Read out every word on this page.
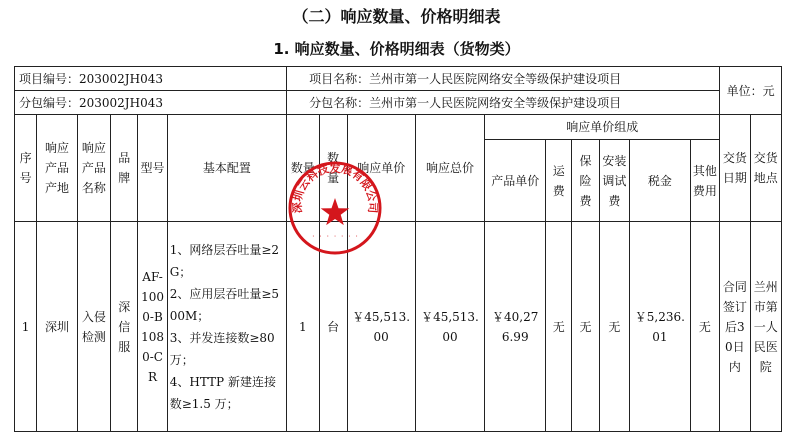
（二）响应数量、价格明细表
1. 响应数量、价格明细表（货物类）
项目编号：203002JH043						项目名称：兰州市第一人民医院网络安全等级保护建设项目										单位：元	
分包编号：203002JH043						分包名称：兰州市第一人民医院网络安全等级保护建设项目											
序号	响应产品产地	响应产品名称	品牌	型号	基本配置	数量	数量	响应单价	响应总价	响应单价组成						交货日期	交货地点
										产品单价	运费	保险费	安装调试费	税金	其他费用		
1	深圳	入侵检测	深信服	AF-1000-B1080-CR	1、网络层吞吐量≥2G；
2、应用层吞吐量≥500M；
3、并发连接数≥80万；
4、HTTP 新建连接数≥1.5 万；	1	台	￥45,513.00	￥45,513.00	￥40,276.99	无	无	无	￥5,236.01	无	合同签订后30日内	兰州市第一人民医院
深圳云科技发展有限公司
· · · · · · ·
